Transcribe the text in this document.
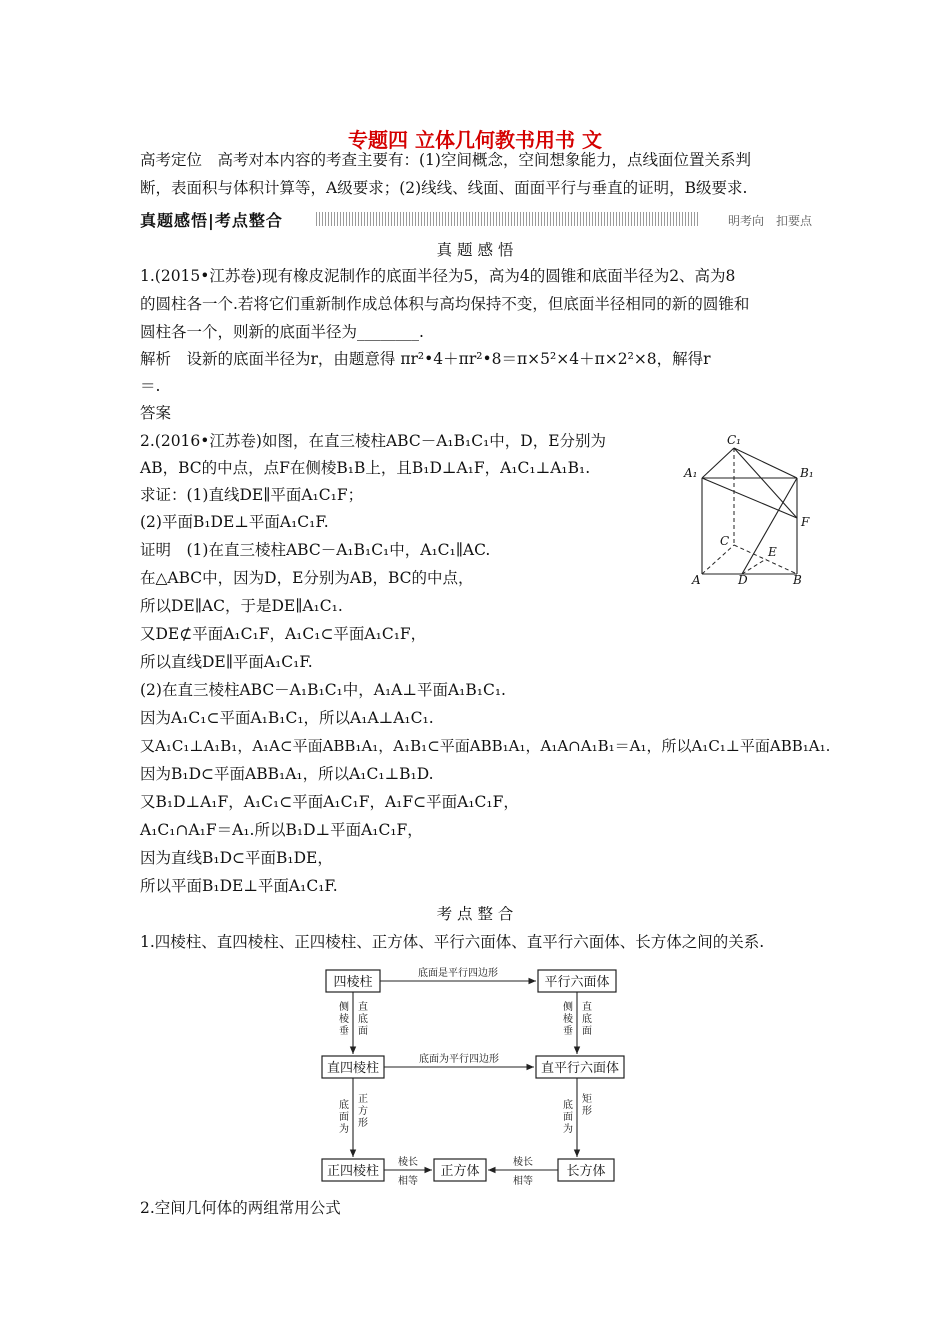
专题四 立体几何教书用书 文
高考定位　高考对本内容的考查主要有：(1)空间概念，空间想象能力，点线面位置关系判
断，表面积与体积计算等，A级要求；(2)线线、线面、面面平行与垂直的证明，B级要求.
真题感悟|考点整合	明考向　扣要点
真 题 感 悟
1.(2015•江苏卷)现有橡皮泥制作的底面半径为5，高为4的圆锥和底面半径为2、高为8
的圆柱各一个.若将它们重新制作成总体积与高均保持不变，但底面半径相同的新的圆锥和
圆柱各一个，则新的底面半径为________.
解析　设新的底面半径为r，由题意得 πr²•4＋πr²•8＝π×5²×4＋π×2²×8，解得r
＝.
答案
2.(2016•江苏卷)如图，在直三棱柱ABC－A₁B₁C₁中，D，E分别为
AB，BC的中点，点F在侧棱B₁B上，且B₁D⊥A₁F，A₁C₁⊥A₁B₁.
求证：(1)直线DE∥平面A₁C₁F；
(2)平面B₁DE⊥平面A₁C₁F.
证明　(1)在直三棱柱ABC－A₁B₁C₁中，A₁C₁∥AC.
在△ABC中，因为D，E分别为AB，BC的中点，
所以DE∥AC，于是DE∥A₁C₁.
又DE⊄平面A₁C₁F，A₁C₁⊂平面A₁C₁F，
所以直线DE∥平面A₁C₁F.
(2)在直三棱柱ABC－A₁B₁C₁中，A₁A⊥平面A₁B₁C₁.
因为A₁C₁⊂平面A₁B₁C₁，所以A₁A⊥A₁C₁.
又A₁C₁⊥A₁B₁，A₁A⊂平面ABB₁A₁，A₁B₁⊂平面ABB₁A₁，A₁A∩A₁B₁＝A₁，所以A₁C₁⊥平面ABB₁A₁.
因为B₁D⊂平面ABB₁A₁，所以A₁C₁⊥B₁D.
又B₁D⊥A₁F，A₁C₁⊂平面A₁C₁F，A₁F⊂平面A₁C₁F，
A₁C₁∩A₁F＝A₁.所以B₁D⊥平面A₁C₁F，
因为直线B₁D⊂平面B₁DE，
所以平面B₁DE⊥平面A₁C₁F.
C₁
A₁	B₁
F
C
E
A	D	B
考 点 整 合
1.四棱柱、直四棱柱、正四棱柱、正方体、平行六面体、直平行六面体、长方体之间的关系.
四棱柱	平行六面体
直四棱柱	直平行六面体
正四棱柱	正方体	长方体
底面是平行四边形
底面为平行四边形
侧
棱
垂
直
底
面
侧
棱
垂
直
底
面
底
面
为
正
方
形
底
面
为
矩
形
棱长
相等
棱长
相等
2.空间几何体的两组常用公式
